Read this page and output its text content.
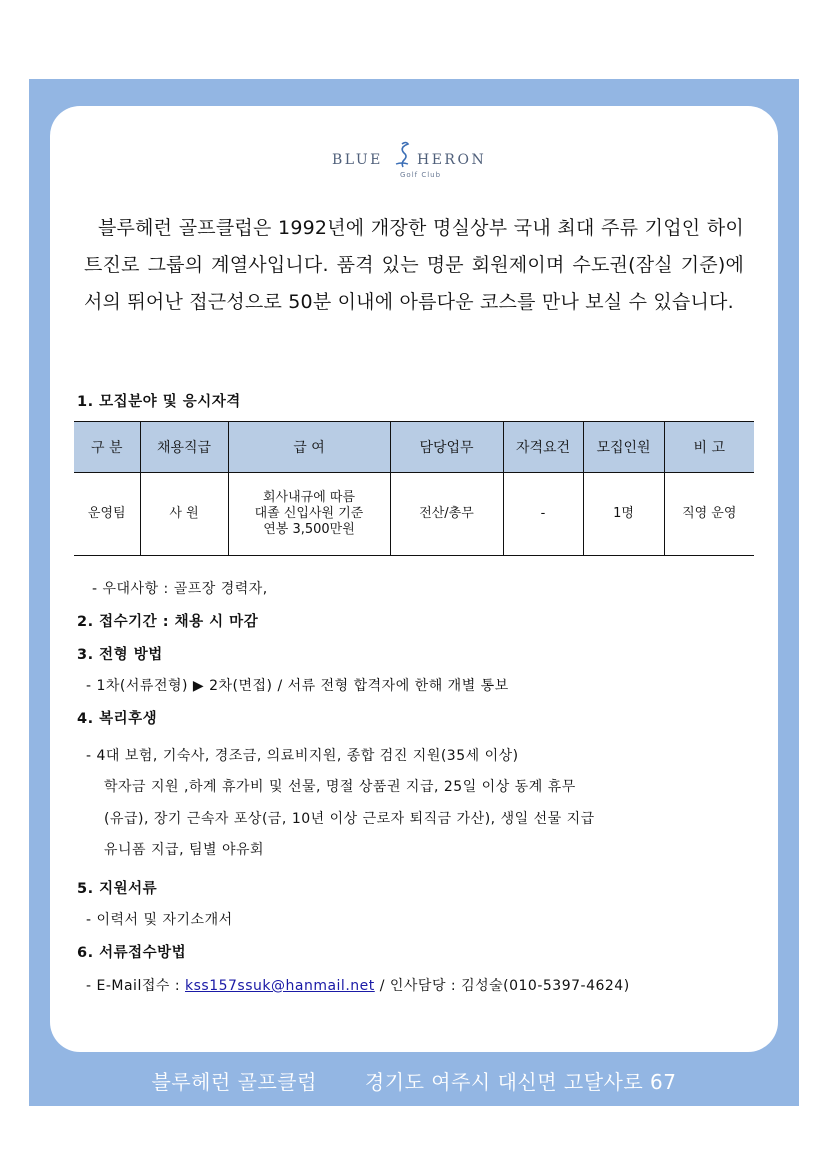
BLUE HERON
Golf Club

블루헤런 골프클럽은 1992년에 개장한 명실상부 국내 최대 주류 기업인 하이트진로 그룹의 계열사입니다. 품격 있는 명문 회원제이며 수도권(잠실 기준)에서의 뛰어난 접근성으로 50분 이내에 아름다운 코스를 만나 보실 수 있습니다.

1. 모집분야 및 응시자격
구 분	채용직급	급 여	담당업무	자격요건	모집인원	비 고
운영팀	사 원	회사내규에 따름
대졸 신입사원 기준
연봉 3,500만원	전산/총무	-	1명	직영 운영
- 우대사항 : 골프장 경력자,
2. 접수기간 : 채용 시 마감
3. 전형 방법
- 1차(서류전형) ▶ 2차(면접) / 서류 전형 합격자에 한해 개별 통보
4. 복리후생
- 4대 보험, 기숙사, 경조금, 의료비지원, 종합 검진 지원(35세 이상)
학자금 지원 ,하계 휴가비 및 선물, 명절 상품권 지급, 25일 이상 동계 휴무
(유급), 장기 근속자 포상(금, 10년 이상 근로자 퇴직금 가산), 생일 선물 지급
유니폼 지급, 팀별 야유회
5. 지원서류
- 이력서 및 자기소개서
6. 서류접수방법
- E-Mail접수 : kss157ssuk@hanmail.net / 인사담당 : 김성술(010-5397-4624)
블루헤런 골프클럽       경기도 여주시 대신면 고달사로 67
